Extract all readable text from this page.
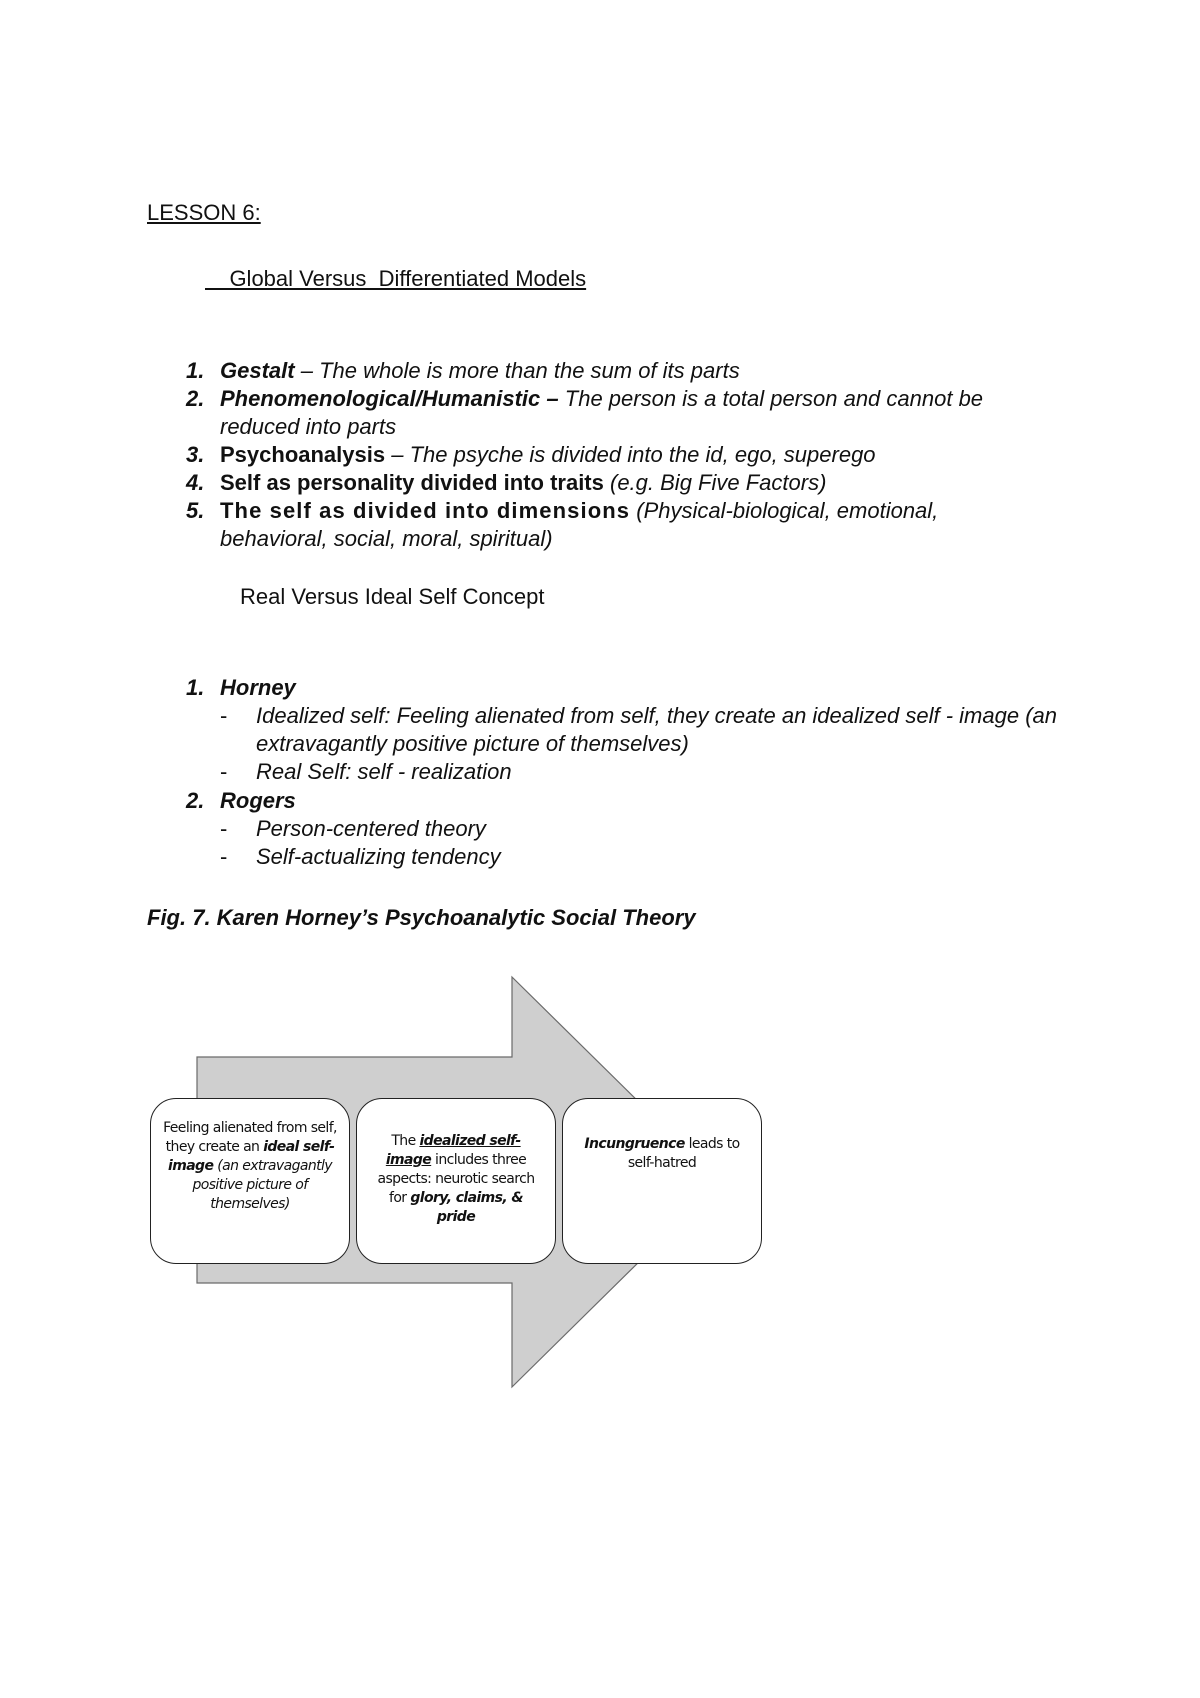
LESSON 6:
Global Versus  Differentiated Models
1. Gestalt – The whole is more than the sum of its parts
2. Phenomenological/Humanistic – The person is a total person and cannot be reduced into parts
3. Psychoanalysis – The psyche is divided into the id, ego, superego
4. Self as personality divided into traits (e.g. Big Five Factors)
5. The self as divided into dimensions (Physical-biological, emotional, behavioral, social, moral, spiritual)
Real Versus Ideal Self Concept
1. Horney
- Idealized self: Feeling alienated from self, they create an idealized self - image (an extravagantly positive picture of themselves)
- Real Self: self - realization
2. Rogers
- Person-centered theory
- Self-actualizing tendency
Fig. 7. Karen Horney’s Psychoanalytic Social Theory
Feeling alienated from self, they create an ideal self-image (an extravagantly positive picture of themselves)
The idealized self-image includes three aspects: neurotic search for glory, claims, & pride
Incungruence leads to self-hatred
